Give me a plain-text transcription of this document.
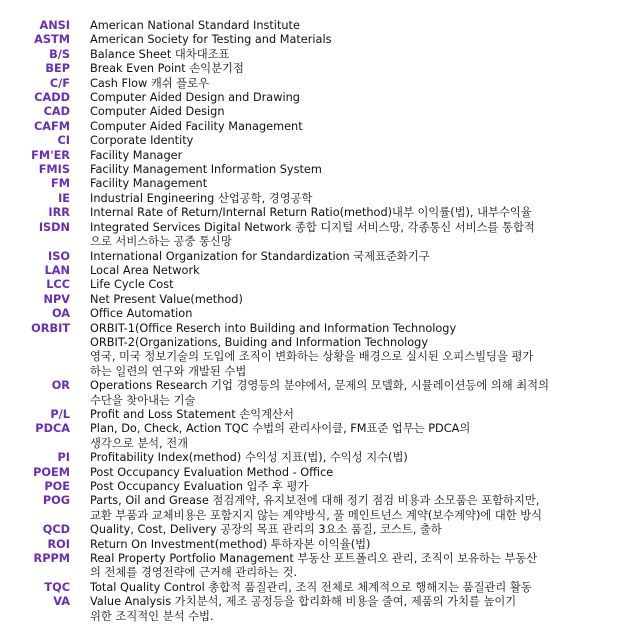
ANSI	American National Standard Institute
ASTM	American Society for Testing and Materials
B/S	Balance Sheet 대차대조표
BEP	Break Even Point 손익분기점
C/F	Cash Flow 캐쉬 플로우
CADD	Computer Aided Design and Drawing
CAD	Computer Aided Design
CAFM	Computer Aided Facility Management
CI	Corporate Identity
FM'ER	Facility Manager
FMIS	Facility Management Information System
FM	Facility Management
IE	Industrial Engineering 산업공학, 경영공학
IRR	Internal Rate of Return/Internal Return Ratio(method)내부 이익률(법), 내부수익율
ISDN	Integrated Services Digital Network 종합 디지털 서비스망, 각종통신 서비스를 통합적
으로 서비스하는 공중 통신망
ISO	International Organization for Standardization 국제표준화기구
LAN	Local Area Network
LCC	Life Cycle Cost
NPV	Net Present Value(method)
OA	Office Automation
ORBIT	ORBIT-1(Office Reserch into Building and Information Technology
ORBIT-2(Organizations, Buiding and Information Technology
영국, 미국 정보기술의 도입에 조직이 변화하는 상황을 배경으로 실시된 오피스빌딩을 평가
하는 일련의 연구와 개발된 수법
OR	Operations Research 기업 경영등의 분야에서, 문제의 모델화, 시뮬레이션등에 의해 최적의
수단을 찾아내는 기술
P/L	Profit and Loss Statement 손익계산서
PDCA	Plan, Do, Check, Action TQC 수법의 관리사이클, FM표준 업무는 PDCA의
생각으로 분석, 전개
PI	Profitability Index(method) 수익성 지표(법), 수익성 지수(법)
POEM	Post Occupancy Evaluation Method - Office
POE	Post Occupancy Evaluation 입주 후 평가
POG	Parts, Oil and Grease 점검계약, 유지보전에 대해 정기 점검 비용과 소모품은 포함하지만,
교환 부품과 교체비용은 포함지지 않는 계약방식, 풀 메인트넌스 계약(보수계약)에 대한 방식
QCD	Quality, Cost, Delivery 공장의 목표 관리의 3요소 품질, 코스트, 출하
ROI	Return On Investment(method) 투하자본 이익율(법)
RPPM	Real Property Portfolio Management 부동산 포트폴리오 관리, 조직이 보유하는 부동산
의 전체를 경영전략에 근거해 관리하는 것.
TQC	Total Quality Control 총합적 품질관리, 조직 전체로 체계적으로 행해지는 품질관리 활동
VA	Value Analysis 가치분석, 제조 공정등을 합리화해 비용을 줄여, 제품의 가치를 높이기
위한 조직적인 분석 수법.
